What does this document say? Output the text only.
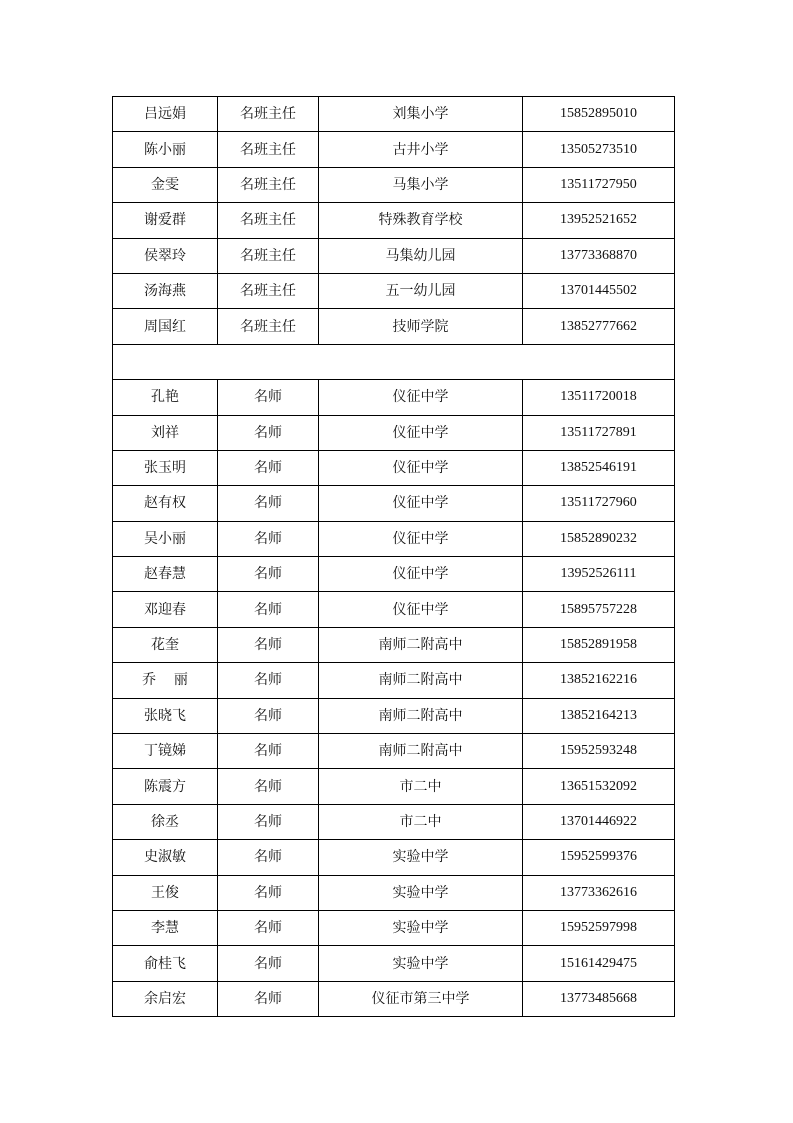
吕远娟	名班主任	刘集小学	15852895010
陈小丽	名班主任	古井小学	13505273510
金雯	名班主任	马集小学	13511727950
谢爱群	名班主任	特殊教育学校	13952521652
侯翠玲	名班主任	马集幼儿园	13773368870
汤海燕	名班主任	五一幼儿园	13701445502
周国红	名班主任	技师学院	13852777662

孔艳	名师	仪征中学	13511720018
刘祥	名师	仪征中学	13511727891
张玉明	名师	仪征中学	13852546191
赵有权	名师	仪征中学	13511727960
吴小丽	名师	仪征中学	15852890232
赵春慧	名师	仪征中学	13952526111
邓迎春	名师	仪征中学	15895757228
花奎	名师	南师二附高中	15852891958
乔    丽	名师	南师二附高中	13852162216
张晓飞	名师	南师二附高中	13852164213
丁镜娣	名师	南师二附高中	15952593248
陈震方	名师	市二中	13651532092
徐丞	名师	市二中	13701446922
史淑敏	名师	实验中学	15952599376
王俊	名师	实验中学	13773362616
李慧	名师	实验中学	15952597998
俞桂飞	名师	实验中学	15161429475
余启宏	名师	仪征市第三中学	13773485668
